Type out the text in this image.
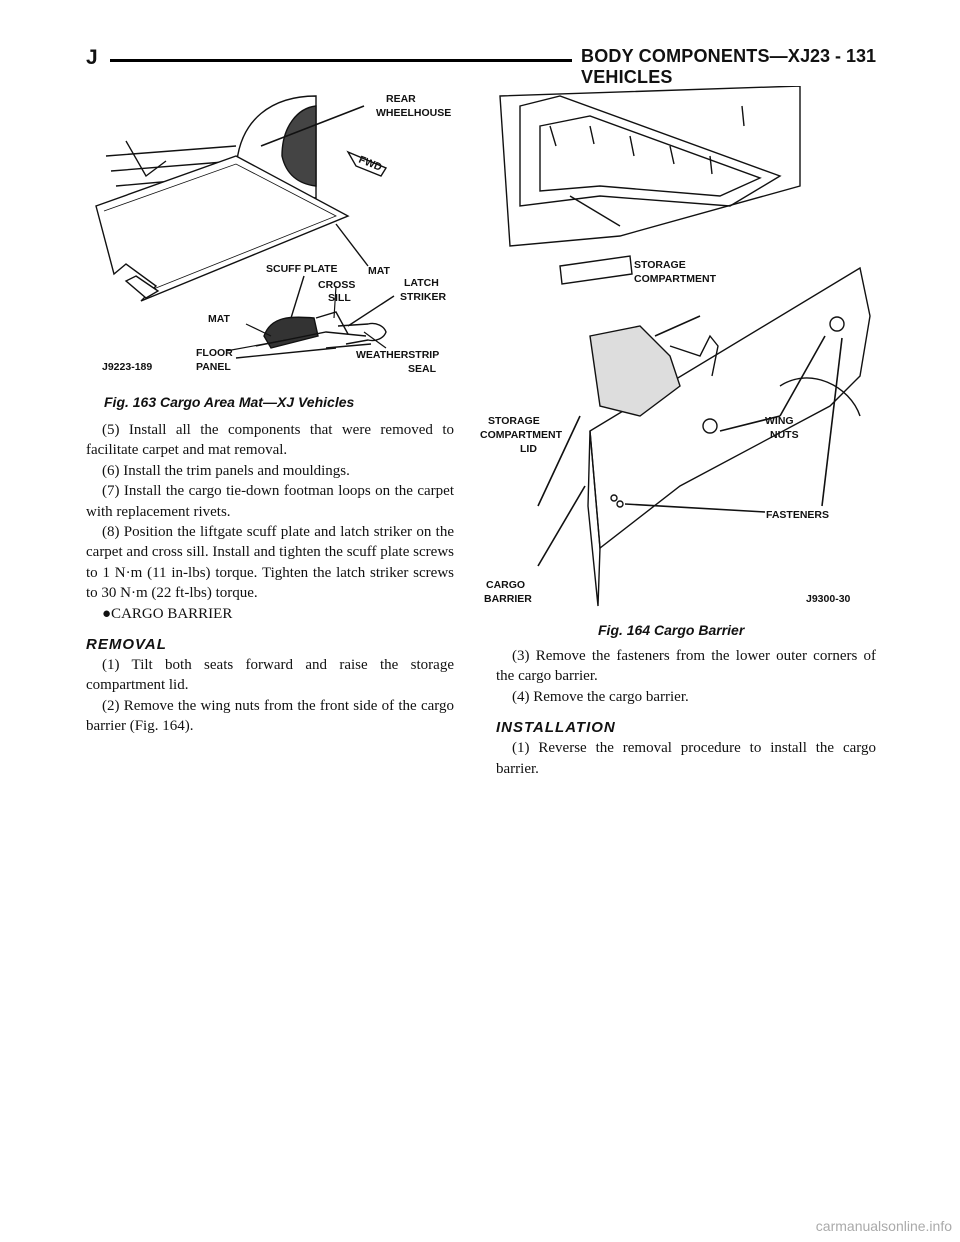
J	BODY COMPONENTS—XJ VEHICLES
23 - 131
REAR
WHEELHOUSE
FWD
SCUFF PLATE	MAT
CROSS
SILL
LATCH
STRIKER
MAT
FLOOR
PANEL
WEATHERSTRIP
SEAL
J9223-189
Fig. 163 Cargo Area Mat—XJ Vehicles
STORAGE
COMPARTMENT
STORAGE
COMPARTMENT
LID
WING
NUTS
FASTENERS
CARGO
BARRIER	J9300-30
Fig. 164 Cargo Barrier

(5) Install all the components that were removed to facilitate carpet and mat removal.

(6) Install the trim panels and mouldings.

(7) Install the cargo tie-down footman loops on the carpet with replacement rivets.

(8) Position the liftgate scuff plate and latch striker on the carpet and cross sill. Install and tighten the scuff plate screws to 1 N·m (11 in-lbs) torque. Tighten the latch striker screws to 30 N·m (22 ft-lbs) torque.

●CARGO BARRIER

REMOVAL

(1) Tilt both seats forward and raise the storage compartment lid.

(2) Remove the wing nuts from the front side of the cargo barrier (Fig. 164).

(3) Remove the fasteners from the lower outer corners of the cargo barrier.

(4) Remove the cargo barrier.

INSTALLATION

(1) Reverse the removal procedure to install the cargo barrier.

carmanualsonline.info
